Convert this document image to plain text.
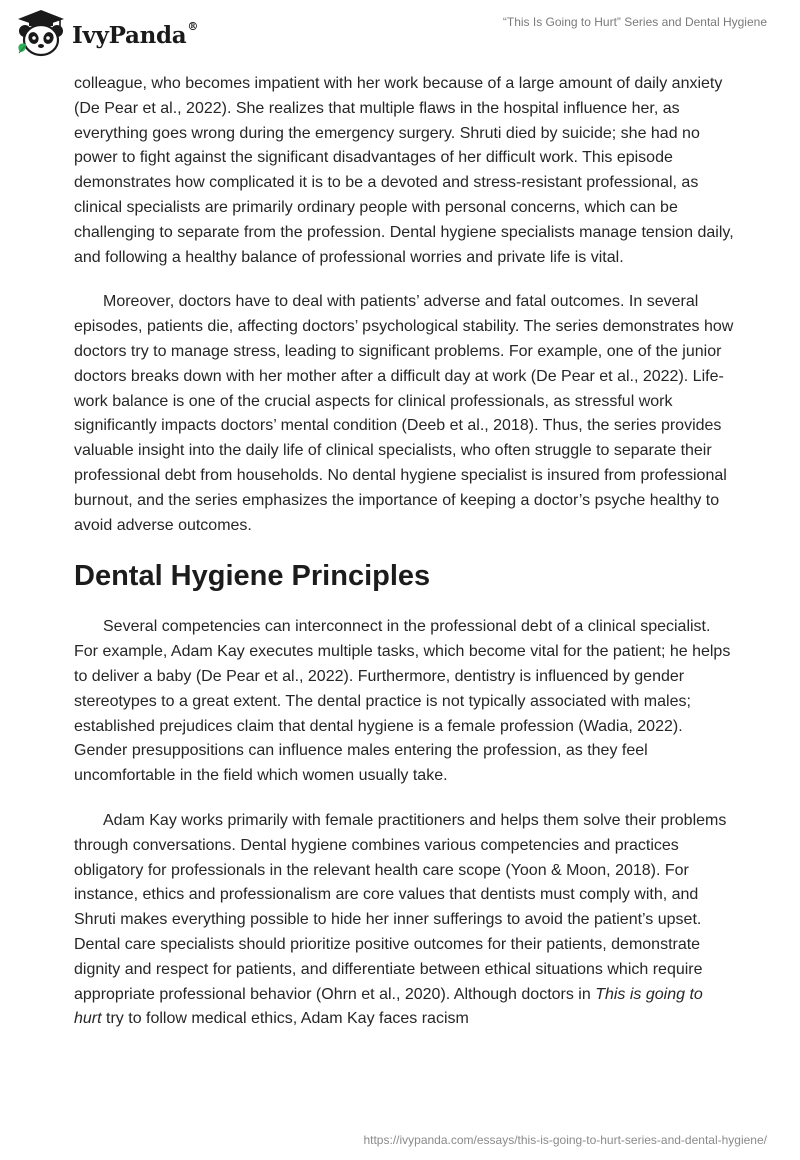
IvyPanda®	“This Is Going to Hurt” Series and Dental Hygiene

colleague, who becomes impatient with her work because of a large amount of daily anxiety (De Pear et al., 2022). She realizes that multiple flaws in the hospital influence her, as everything goes wrong during the emergency surgery. Shruti died by suicide; she had no power to fight against the significant disadvantages of her difficult work. This episode demonstrates how complicated it is to be a devoted and stress-resistant professional, as clinical specialists are primarily ordinary people with personal concerns, which can be challenging to separate from the profession. Dental hygiene specialists manage tension daily, and following a healthy balance of professional worries and private life is vital.

Moreover, doctors have to deal with patients’ adverse and fatal outcomes. In several episodes, patients die, affecting doctors’ psychological stability. The series demonstrates how doctors try to manage stress, leading to significant problems. For example, one of the junior doctors breaks down with her mother after a difficult day at work (De Pear et al., 2022). Life-work balance is one of the crucial aspects for clinical professionals, as stressful work significantly impacts doctors’ mental condition (Deeb et al., 2018). Thus, the series provides valuable insight into the daily life of clinical specialists, who often struggle to separate their professional debt from households. No dental hygiene specialist is insured from professional burnout, and the series emphasizes the importance of keeping a doctor’s psyche healthy to avoid adverse outcomes.

Dental Hygiene Principles

Several competencies can interconnect in the professional debt of a clinical specialist. For example, Adam Kay executes multiple tasks, which become vital for the patient; he helps to deliver a baby (De Pear et al., 2022). Furthermore, dentistry is influenced by gender stereotypes to a great extent. The dental practice is not typically associated with males; established prejudices claim that dental hygiene is a female profession (Wadia, 2022). Gender presuppositions can influence males entering the profession, as they feel uncomfortable in the field which women usually take.

Adam Kay works primarily with female practitioners and helps them solve their problems through conversations. Dental hygiene combines various competencies and practices obligatory for professionals in the relevant health care scope (Yoon & Moon, 2018). For instance, ethics and professionalism are core values that dentists must comply with, and Shruti makes everything possible to hide her inner sufferings to avoid the patient’s upset. Dental care specialists should prioritize positive outcomes for their patients, demonstrate dignity and respect for patients, and differentiate between ethical situations which require appropriate professional behavior (Ohrn et al., 2020). Although doctors in This is going to hurt try to follow medical ethics, Adam Kay faces racism

https://ivypanda.com/essays/this-is-going-to-hurt-series-and-dental-hygiene/
